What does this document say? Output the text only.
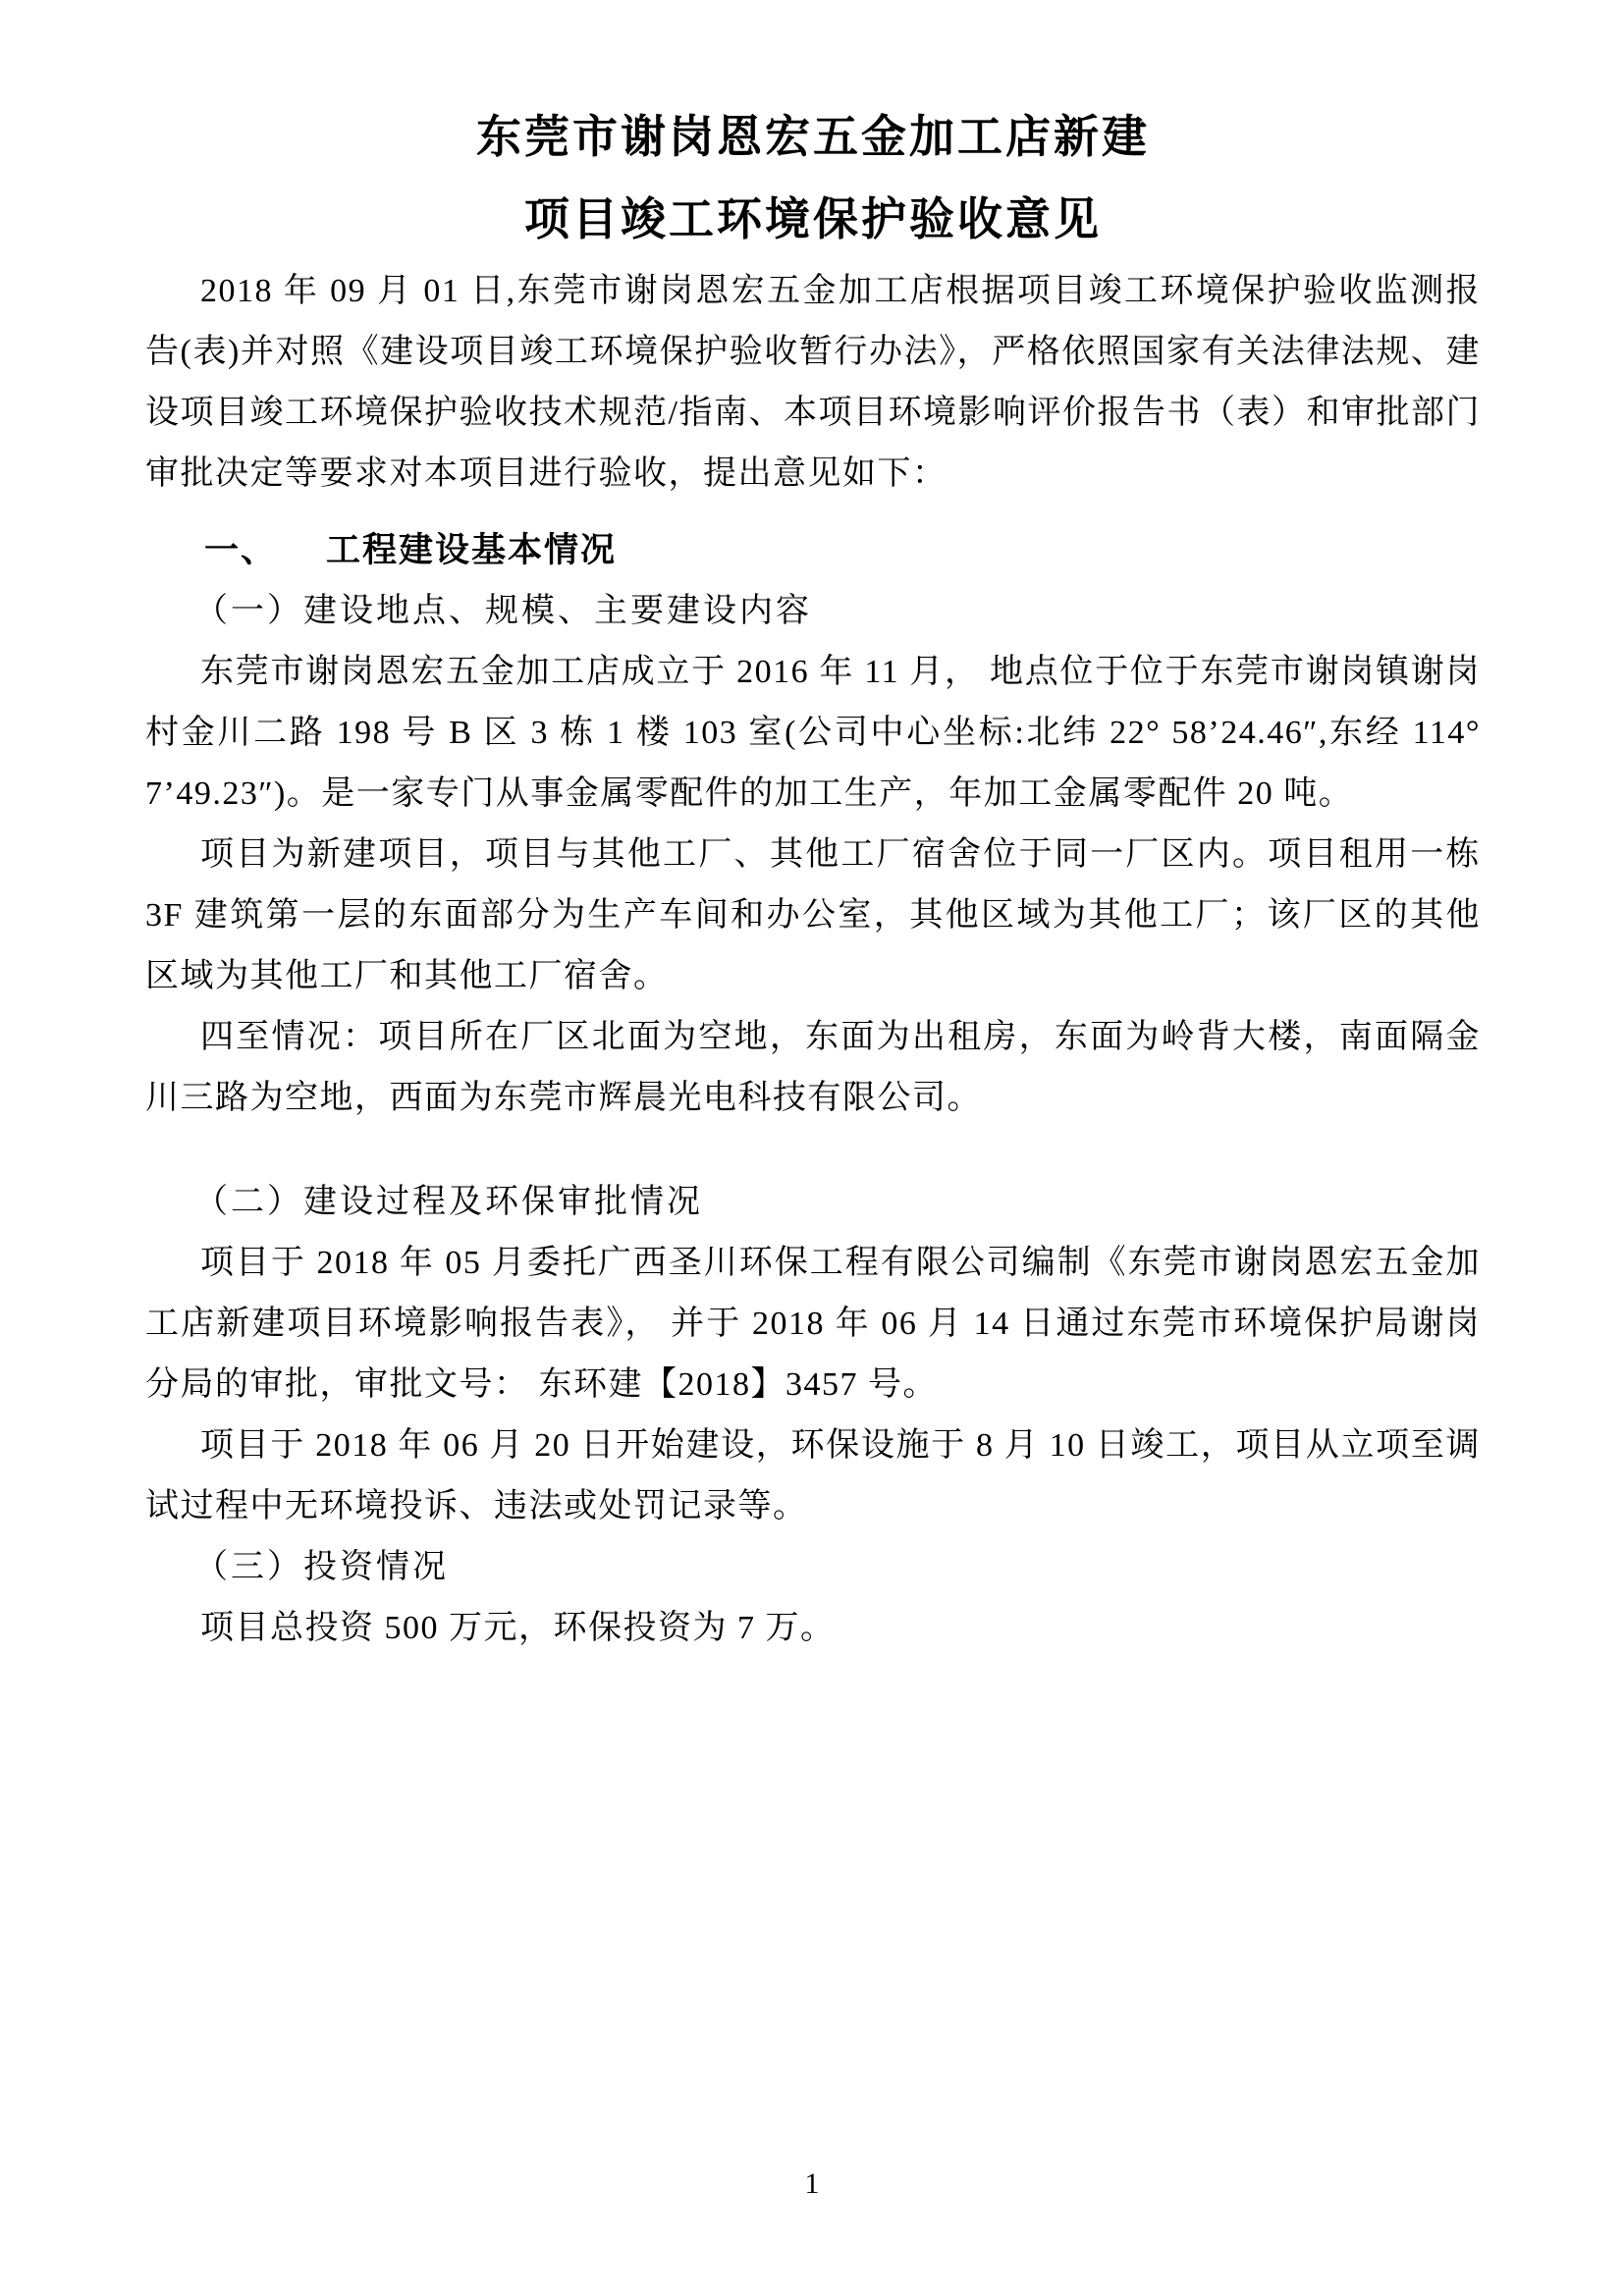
东莞市谢岗恩宏五金加工店新建
项目竣工环境保护验收意见

2018 年 09 月 01 日,东莞市谢岗恩宏五金加工店根据项目竣工环境保护验收监测报告(表)并对照《建设项目竣工环境保护验收暂行办法》，严格依照国家有关法律法规、建设项目竣工环境保护验收技术规范/指南、本项目环境影响评价报告书（表）和审批部门审批决定等要求对本项目进行验收，提出意见如下：

一、 工程建设基本情况

（一）建设地点、规模、主要建设内容

东莞市谢岗恩宏五金加工店成立于 2016 年 11 月， 地点位于位于东莞市谢岗镇谢岗村金川二路 198 号 B 区 3 栋 1 楼 103 室(公司中心坐标:北纬 22° 58’24.46″,东经 114° 7’49.23″)。是一家专门从事金属零配件的加工生产，年加工金属零配件 20 吨。

项目为新建项目，项目与其他工厂、其他工厂宿舍位于同一厂区内。项目租用一栋 3F 建筑第一层的东面部分为生产车间和办公室，其他区域为其他工厂；该厂区的其他区域为其他工厂和其他工厂宿舍。

四至情况：项目所在厂区北面为空地，东面为出租房，东面为岭背大楼，南面隔金川三路为空地，西面为东莞市辉晨光电科技有限公司。

（二）建设过程及环保审批情况

项目于 2018 年 05 月委托广西圣川环保工程有限公司编制《东莞市谢岗恩宏五金加工店新建项目环境影响报告表》， 并于 2018 年 06 月 14 日通过东莞市环境保护局谢岗分局的审批，审批文号： 东环建【2018】3457 号。

项目于 2018 年 06 月 20 日开始建设，环保设施于 8 月 10 日竣工，项目从立项至调试过程中无环境投诉、违法或处罚记录等。

（三）投资情况

项目总投资 500 万元，环保投资为 7 万。

1
